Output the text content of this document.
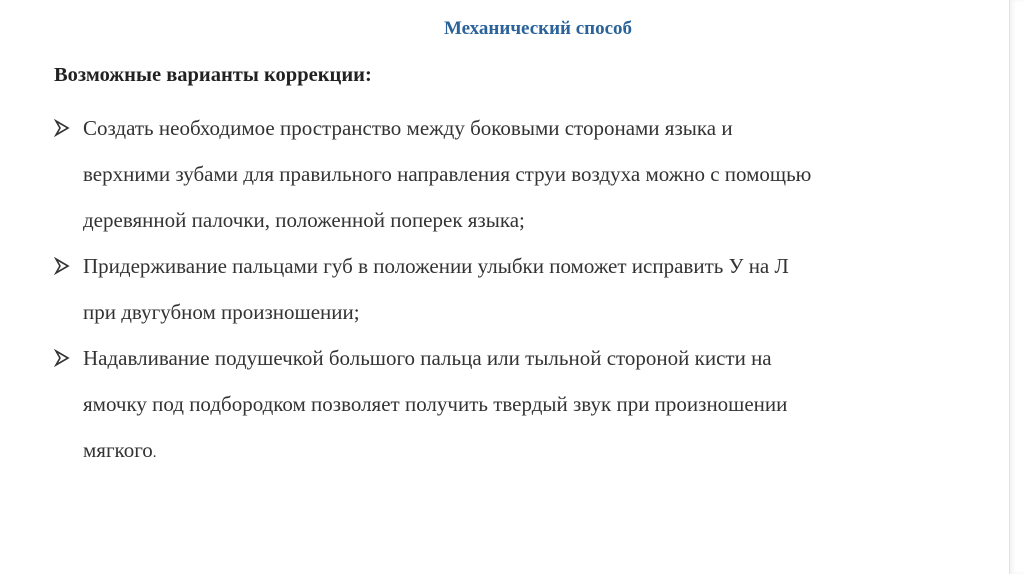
Механический способ
Возможные варианты коррекции:
Создать необходимое пространство между боковыми сторонами языка и
верхними зубами для правильного направления струи воздуха можно с помощью
деревянной палочки, положенной поперек языка;
Придерживание пальцами губ в положении улыбки поможет исправить У на Л
при двугубном произношении;
Надавливание подушечкой большого пальца или тыльной стороной кисти на
ямочку под подбородком позволяет получить твердый звук при произношении
мягкого.
